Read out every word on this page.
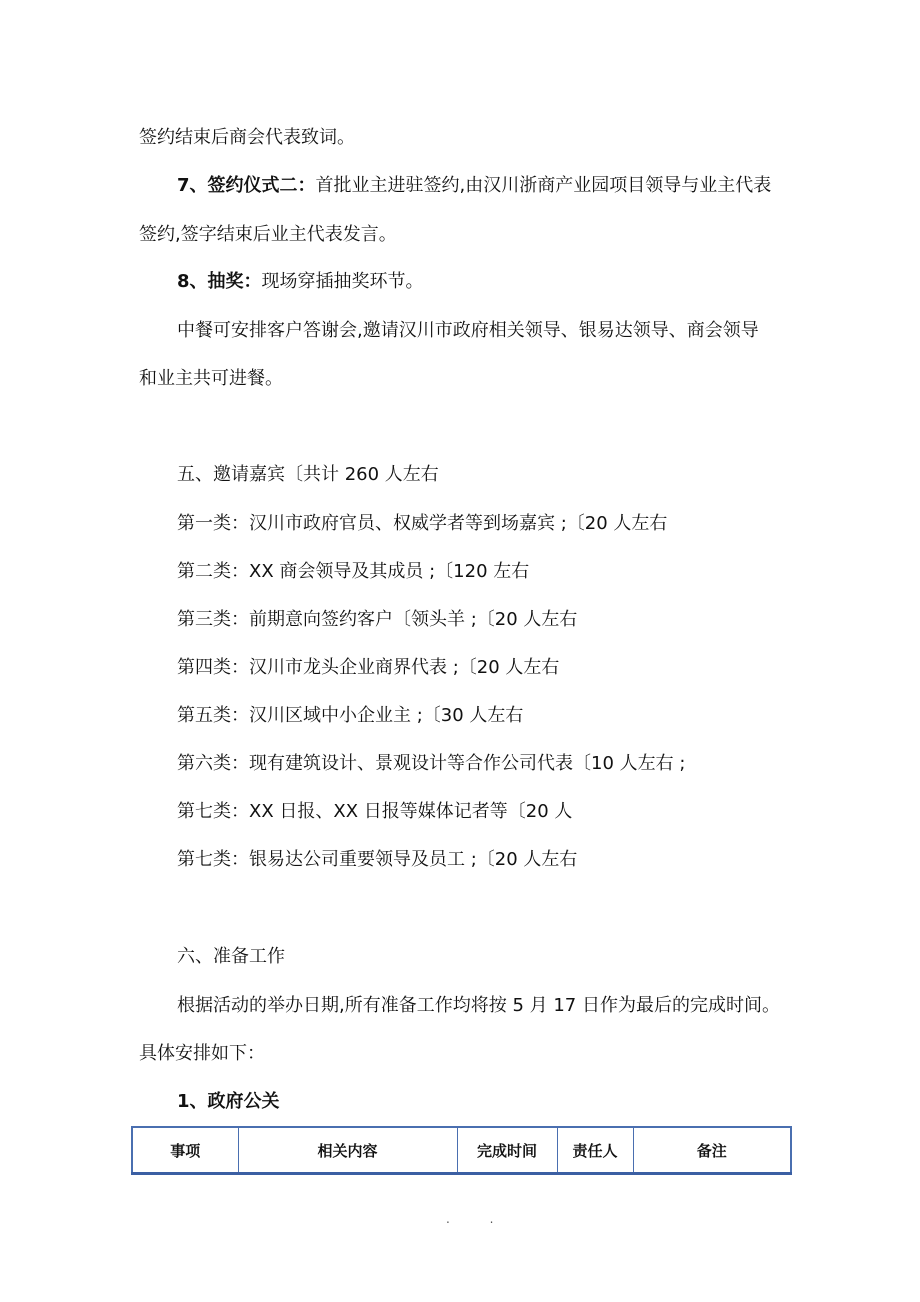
签约结束后商会代表致词。
7、签约仪式二：首批业主进驻签约,由汉川浙商产业园项目领导与业主代表
签约,签字结束后业主代表发言。
8、抽奖：现场穿插抽奖环节。
中餐可安排客户答谢会,邀请汉川市政府相关领导、银易达领导、商会领导
和业主共可进餐。
五、邀请嘉宾〔共计 260 人左右
第一类：汉川市政府官员、权威学者等到场嘉宾 ;〔20 人左右
第二类：XX 商会领导及其成员 ;〔120 左右
第三类：前期意向签约客户〔领头羊 ;〔20 人左右
第四类：汉川市龙头企业商界代表 ;〔20 人左右
第五类：汉川区域中小企业主 ;〔30 人左右
第六类：现有建筑设计、景观设计等合作公司代表〔10 人左右 ;
第七类：XX 日报、XX 日报等媒体记者等〔20 人
第七类：银易达公司重要领导及员工 ;〔20 人左右
六、准备工作
根据活动的举办日期,所有准备工作均将按 5 月 17 日作为最后的完成时间。
具体安排如下：
1、政府公关
事项	相关内容	完成时间	责任人	备注
. .
